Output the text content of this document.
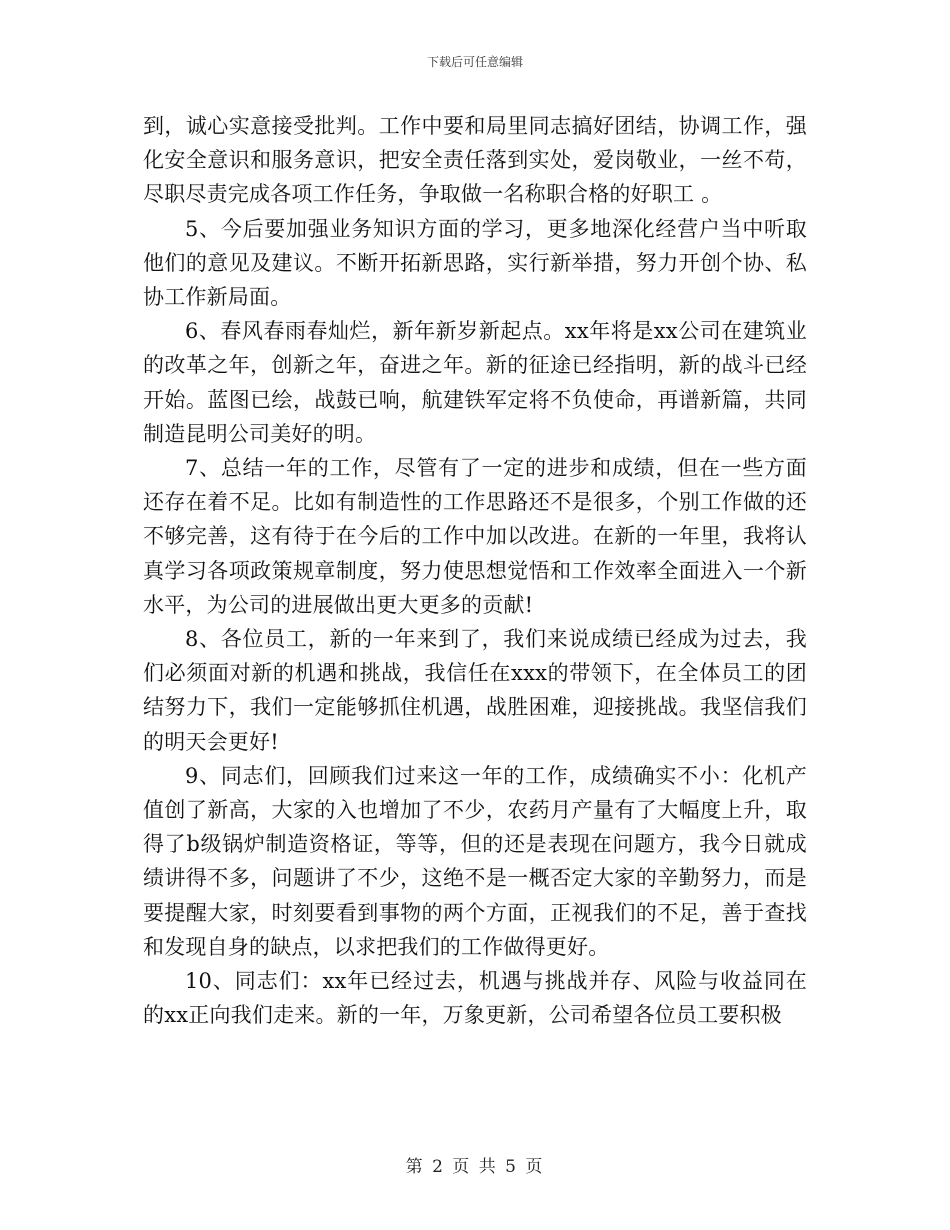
下载后可任意编辑

到，诚心实意接受批判。工作中要和局里同志搞好团结，协调工作，强化安全意识和服务意识，把安全责任落到实处，爱岗敬业，一丝不苟，尽职尽责完成各项工作任务，争取做一名称职合格的好职工 。

5、今后要加强业务知识方面的学习，更多地深化经营户当中听取他们的意见及建议。不断开拓新思路，实行新举措，努力开创个协、私协工作新局面。

6、春风春雨春灿烂，新年新岁新起点。xx年将是xx公司在建筑业的改革之年，创新之年，奋进之年。新的征途已经指明，新的战斗已经开始。蓝图已绘，战鼓已响，航建铁军定将不负使命，再谱新篇，共同制造昆明公司美好的明。

7、总结一年的工作，尽管有了一定的进步和成绩，但在一些方面还存在着不足。比如有制造性的工作思路还不是很多，个别工作做的还不够完善，这有待于在今后的工作中加以改进。在新的一年里，我将认真学习各项政策规章制度，努力使思想觉悟和工作效率全面进入一个新水平，为公司的进展做出更大更多的贡献!

8、各位员工，新的一年来到了，我们来说成绩已经成为过去，我们必须面对新的机遇和挑战，我信任在xxx的带领下，在全体员工的团结努力下，我们一定能够抓住机遇，战胜困难，迎接挑战。我坚信我们的明天会更好!

9、同志们，回顾我们过来这一年的工作，成绩确实不小：化机产值创了新高，大家的入也增加了不少，农药月产量有了大幅度上升，取得了b级锅炉制造资格证，等等，但的还是表现在问题方，我今日就成绩讲得不多，问题讲了不少，这绝不是一概否定大家的辛勤努力，而是要提醒大家，时刻要看到事物的两个方面，正视我们的不足，善于查找和发现自身的缺点，以求把我们的工作做得更好。

10、同志们：xx年已经过去，机遇与挑战并存、风险与收益同在的xx正向我们走来。新的一年，万象更新，公司希望各位员工要积极

第 2 页 共 5 页
